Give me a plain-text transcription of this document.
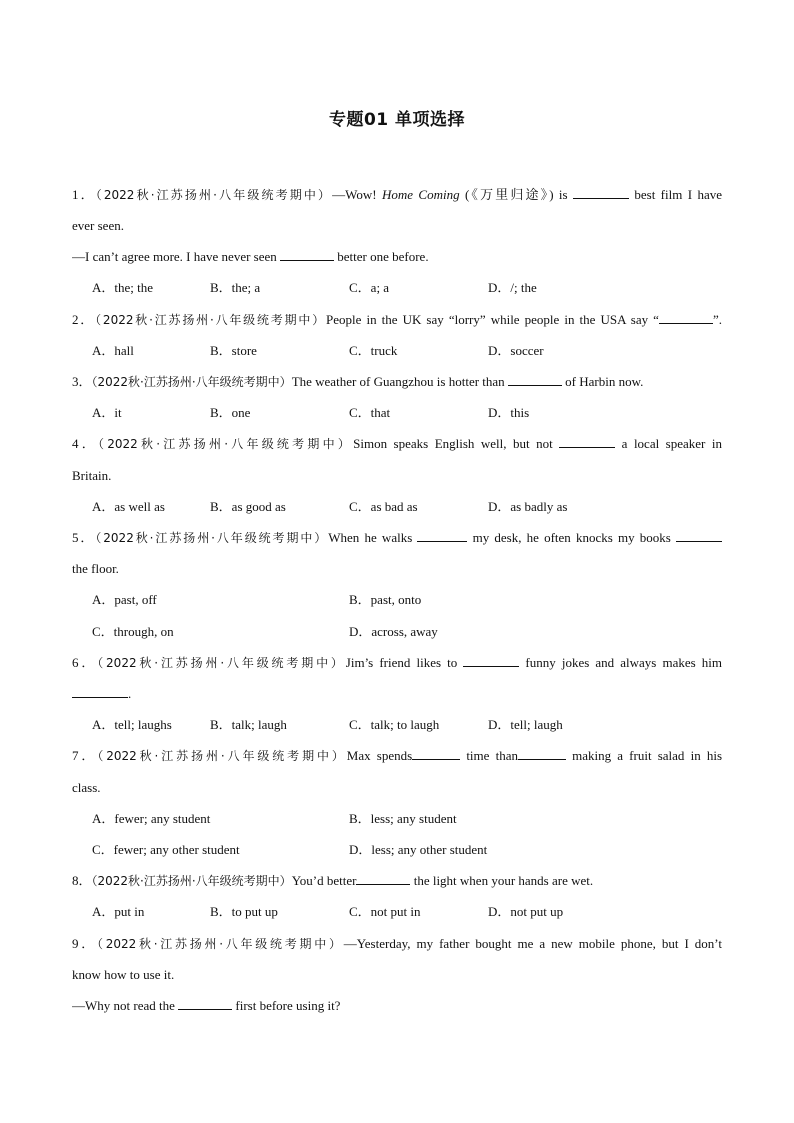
专题01 单项选择
1．（2022秋·江苏扬州·八年级统考期中）—Wow! Home Coming (《万里归途》) is	best film I have
ever seen.
—I can’t agree more. I have never seen	better one before.
A．the; the	B．the; a	C．a; a	D．/; the
2．（2022秋·江苏扬州·八年级统考期中）People in the UK say “lorry” while people in the USA say “	”.
A．hall	B．store	C．truck	D．soccer
3．（2022秋·江苏扬州·八年级统考期中）The weather of Guangzhou is hotter than	of Harbin now.
A．it	B．one	C．that	D．this
4．（2022秋·江苏扬州·八年级统考期中）Simon speaks English well, but not	a local speaker in
Britain.
A．as well as	B．as good as	C．as bad as	D．as badly as
5．（2022秋·江苏扬州·八年级统考期中）When he walks	my desk, he often knocks my books
the floor.
A．past, off	B．past, onto
C．through, on	D．across, away
6．（2022秋·江苏扬州·八年级统考期中）Jim’s friend likes to	funny jokes and always makes him
.
A．tell; laughs	B．talk; laugh	C．talk; to laugh	D．tell; laugh
7．（2022秋·江苏扬州·八年级统考期中）Max spends	time than	making a fruit salad in his
class.
A．fewer; any student	B．less; any student
C．fewer; any other student	D．less; any other student
8．（2022秋·江苏扬州·八年级统考期中）You’d better	the light when your hands are wet.
A．put in	B．to put up	C．not put in	D．not put up
9．（2022秋·江苏扬州·八年级统考期中）—Yesterday, my father bought me a new mobile phone, but I don’t
know how to use it.
—Why not read the	first before using it?
